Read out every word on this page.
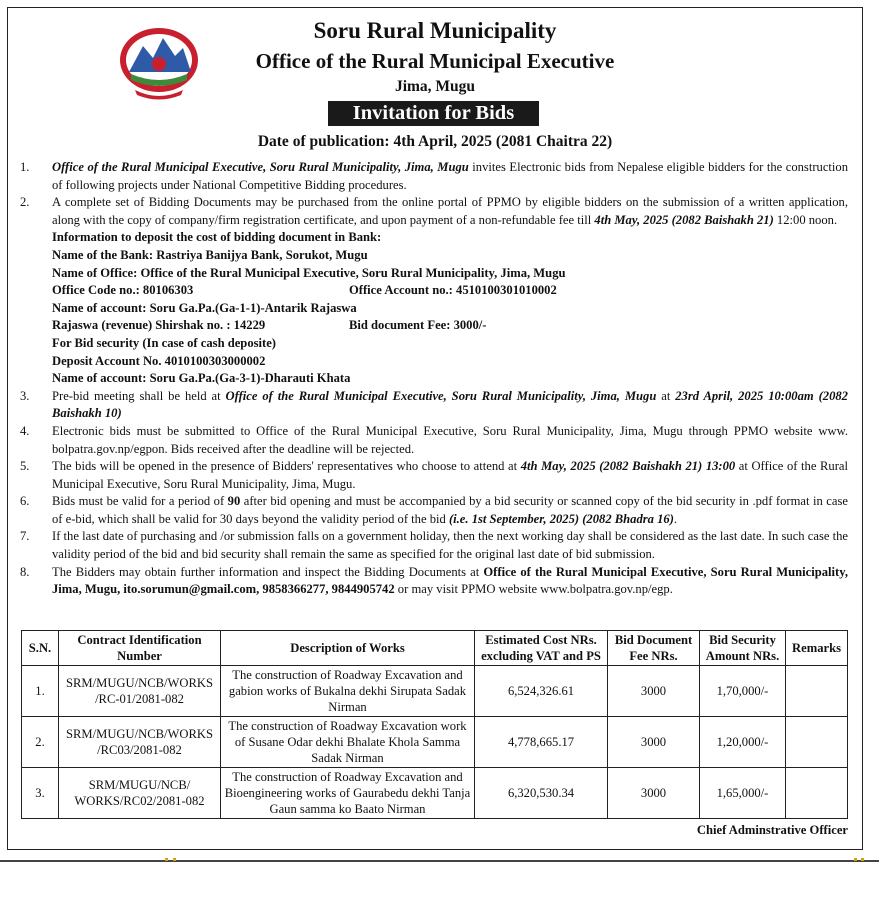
Soru Rural Municipality
Office of the Rural Municipal Executive
Jima, Mugu
Invitation for Bids
Date of publication: 4th April, 2025 (2081 Chaitra 22)
1.	Office of the Rural Municipal Executive, Soru Rural Municipality, Jima, Mugu invites Electronic bids from Nepalese eligible bidders for the construction of following projects under National Competitive Bidding procedures.
2.	A complete set of Bidding Documents may be purchased from the online portal of PPMO by eligible bidders on the submission of a written application, along with the copy of company/firm registration certificate, and upon payment of a non-refundable fee till 4th May, 2025 (2082 Baishakh 21) 12:00 noon.
Information to deposit the cost of bidding document in Bank:
Name of the Bank: Rastriya Banijya Bank, Sorukot, Mugu
Name of Office: Office of the Rural Municipal Executive, Soru Rural Municipality, Jima, Mugu
Office Code no.: 80106303	Office Account no.: 4510100301010002
Name of account: Soru Ga.Pa.(Ga-1-1)-Antarik Rajaswa
Rajaswa (revenue) Shirshak no. : 14229	Bid document Fee: 3000/-
For Bid security (In case of cash deposite)
Deposit Account No. 4010100303000002
Name of account: Soru Ga.Pa.(Ga-3-1)-Dharauti Khata
3.	Pre-bid meeting shall be held at Office of the Rural Municipal Executive, Soru Rural Municipality, Jima, Mugu at 23rd April, 2025 10:00am (2082 Baishakh 10)
4.	Electronic bids must be submitted to Office of the Rural Municipal Executive, Soru Rural Municipality, Jima, Mugu through PPMO website www. bolpatra.gov.np/egpon. Bids received after the deadline will be rejected.
5.	The bids will be opened in the presence of Bidders' representatives who choose to attend at 4th May, 2025 (2082 Baishakh 21) 13:00 at Office of the Rural Municipal Executive, Soru Rural Municipality, Jima, Mugu.
6.	Bids must be valid for a period of 90 after bid opening and must be accompanied by a bid security or scanned copy of the bid security in .pdf format in case of e-bid, which shall be valid for 30 days beyond the validity period of the bid (i.e. 1st September, 2025) (2082 Bhadra 16).
7.	If the last date of purchasing and /or submission falls on a government holiday, then the next working day shall be considered as the last date. In such case the validity period of the bid and bid security shall remain the same as specified for the original last date of bid submission.
8.	The Bidders may obtain further information and inspect the Bidding Documents at Office of the Rural Municipal Executive, Soru Rural Municipality, Jima, Mugu, ito.sorumun@gmail.com, 9858366277, 9844905742 or may visit PPMO website www.bolpatra.gov.np/egp.
S.N.	Contract Identification Number	Description of Works	Estimated Cost NRs. excluding VAT and PS	Bid Document Fee NRs.	Bid Security Amount NRs.	Remarks
1.	SRM/MUGU/NCB/WORKS /RC-01/2081-082	The construction of Roadway Excavation and gabion works of Bukalna dekhi Sirupata Sadak Nirman	6,524,326.61	3000	1,70,000/-	
2.	SRM/MUGU/NCB/WORKS /RC03/2081-082	The construction of Roadway Excavation work of Susane Odar dekhi Bhalate Khola Samma Sadak Nirman	4,778,665.17	3000	1,20,000/-	
3.	SRM/MUGU/NCB/ WORKS/RC02/2081-082	The construction of Roadway Excavation and Bioengineering works of Gaurabedu dekhi Tanja Gaun samma ko Baato Nirman	6,320,530.34	3000	1,65,000/-	
Chief Adminstrative Officer
